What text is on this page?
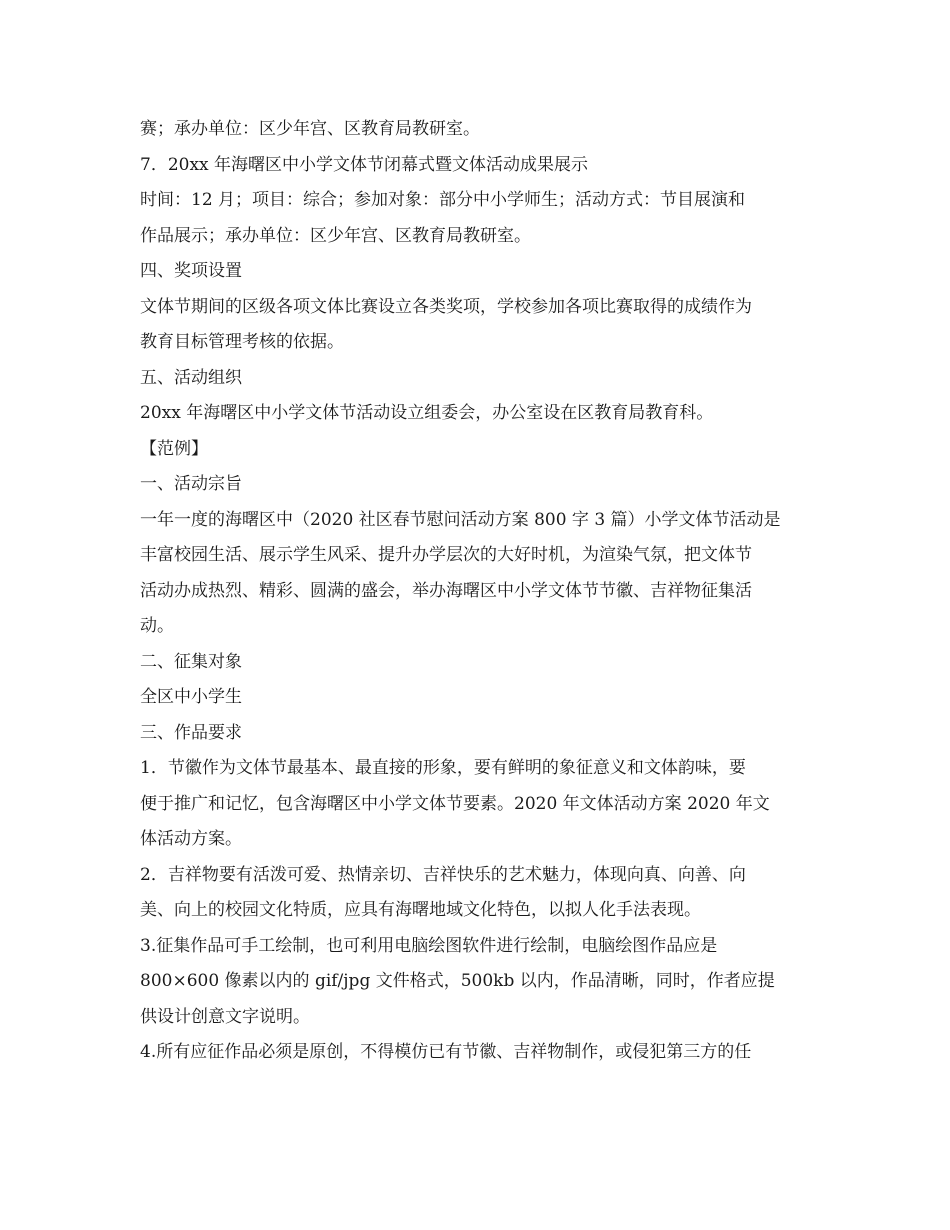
赛；承办单位：区少年宫、区教育局教研室。
7．20xx 年海曙区中小学文体节闭幕式暨文体活动成果展示
时间：12 月；项目：综合；参加对象：部分中小学师生；活动方式：节目展演和
作品展示；承办单位：区少年宫、区教育局教研室。
四、奖项设置
文体节期间的区级各项文体比赛设立各类奖项，学校参加各项比赛取得的成绩作为
教育目标管理考核的依据。
五、活动组织
20xx 年海曙区中小学文体节活动设立组委会，办公室设在区教育局教育科。
【范例】
一、活动宗旨
一年一度的海曙区中（2020 社区春节慰问活动方案 800 字 3 篇）小学文体节活动是
丰富校园生活、展示学生风采、提升办学层次的大好时机，为渲染气氛，把文体节
活动办成热烈、精彩、圆满的盛会，举办海曙区中小学文体节节徽、吉祥物征集活
动。
二、征集对象
全区中小学生
三、作品要求
1．节徽作为文体节最基本、最直接的形象，要有鲜明的象征意义和文体韵味，要
便于推广和记忆，包含海曙区中小学文体节要素。2020 年文体活动方案 2020 年文
体活动方案。
2．吉祥物要有活泼可爱、热情亲切、吉祥快乐的艺术魅力，体现向真、向善、向
美、向上的校园文化特质，应具有海曙地域文化特色，以拟人化手法表现。
3.征集作品可手工绘制，也可利用电脑绘图软件进行绘制，电脑绘图作品应是
800×600 像素以内的 gif/jpg 文件格式，500kb 以内，作品清晰，同时，作者应提
供设计创意文字说明。
4.所有应征作品必须是原创，不得模仿已有节徽、吉祥物制作，或侵犯第三方的任
